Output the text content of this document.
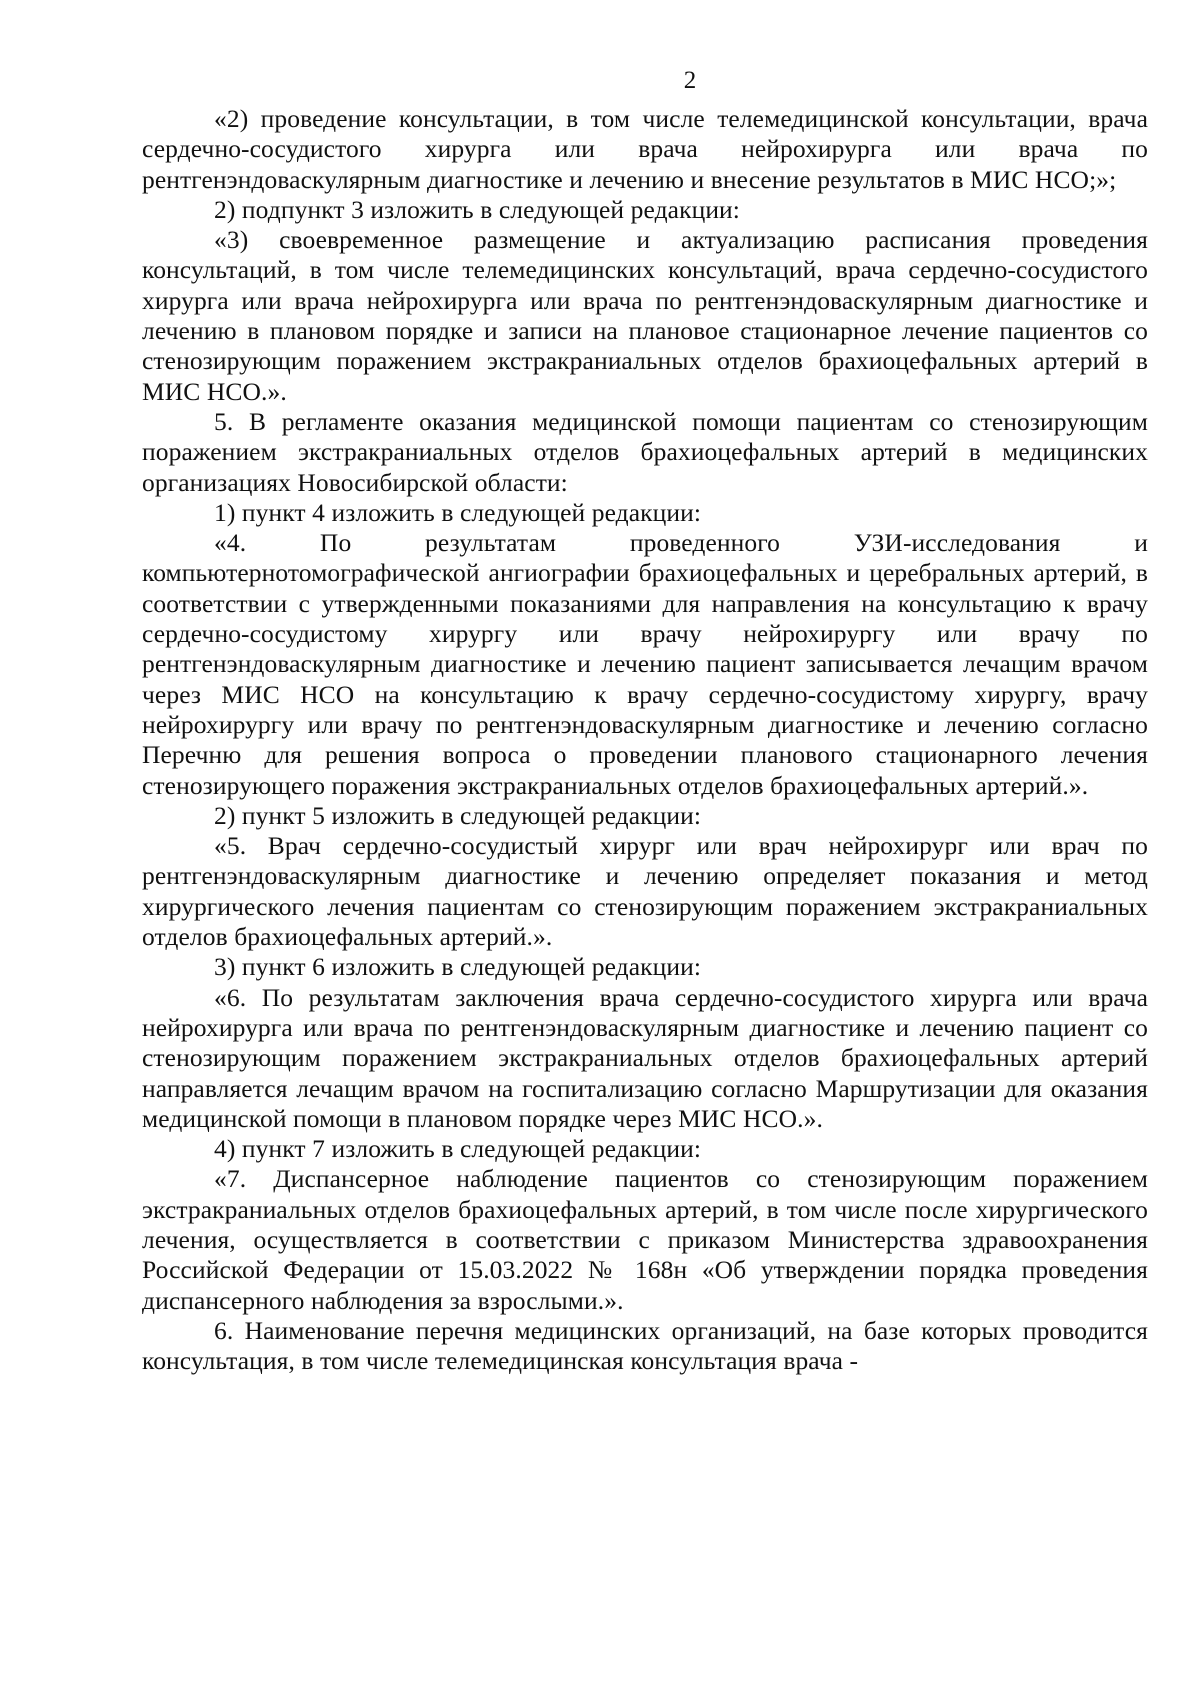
2

«2) проведение консультации, в том числе телемедицинской консультации, врача сердечно-сосудистого хирурга или врача нейрохирурга или врача по рентгенэндоваскулярным диагностике и лечению и внесение результатов в МИС НСО;»;

2) подпункт 3 изложить в следующей редакции:

«3) своевременное размещение и актуализацию расписания проведения консультаций, в том числе телемедицинских консультаций, врача сердечно-сосудистого хирурга или врача нейрохирурга или врача по рентгенэндоваскулярным диагностике и лечению в плановом порядке и записи на плановое стационарное лечение пациентов со стенозирующим поражением экстракраниальных отделов брахиоцефальных артерий в МИС НСО.».

5. В регламенте оказания медицинской помощи пациентам со стенозирующим поражением экстракраниальных отделов брахиоцефальных артерий в медицинских организациях Новосибирской области:

1) пункт 4 изложить в следующей редакции:

«4. По результатам проведенного УЗИ-исследования и компьютернотомографической ангиографии брахиоцефальных и церебральных артерий, в соответствии с утвержденными показаниями для направления на консультацию к врачу сердечно-сосудистому хирургу или врачу нейрохирургу или врачу по рентгенэндоваскулярным диагностике и лечению пациент записывается лечащим врачом через МИС НСО на консультацию к врачу сердечно-сосудистому хирургу, врачу нейрохирургу или врачу по рентгенэндоваскулярным диагностике и лечению согласно Перечню для решения вопроса о проведении планового стационарного лечения стенозирующего поражения экстракраниальных отделов брахиоцефальных артерий.».

2) пункт 5 изложить в следующей редакции:

«5. Врач сердечно-сосудистый хирург или врач нейрохирург или врач по рентгенэндоваскулярным диагностике и лечению определяет показания и метод хирургического лечения пациентам со стенозирующим поражением экстракраниальных отделов брахиоцефальных артерий.».

3) пункт 6 изложить в следующей редакции:

«6. По результатам заключения врача сердечно-сосудистого хирурга или врача нейрохирурга или врача по рентгенэндоваскулярным диагностике и лечению пациент со стенозирующим поражением экстракраниальных отделов брахиоцефальных артерий направляется лечащим врачом на госпитализацию согласно Маршрутизации для оказания медицинской помощи в плановом порядке через МИС НСО.».

4) пункт 7 изложить в следующей редакции:

«7. Диспансерное наблюдение пациентов со стенозирующим поражением экстракраниальных отделов брахиоцефальных артерий, в том числе после хирургического лечения, осуществляется в соответствии с приказом Министерства здравоохранения Российской Федерации от 15.03.2022 № 168н «Об утверждении порядка проведения диспансерного наблюдения за взрослыми.».

6. Наименование перечня медицинских организаций, на базе которых проводится консультация, в том числе телемедицинская консультация врача -
